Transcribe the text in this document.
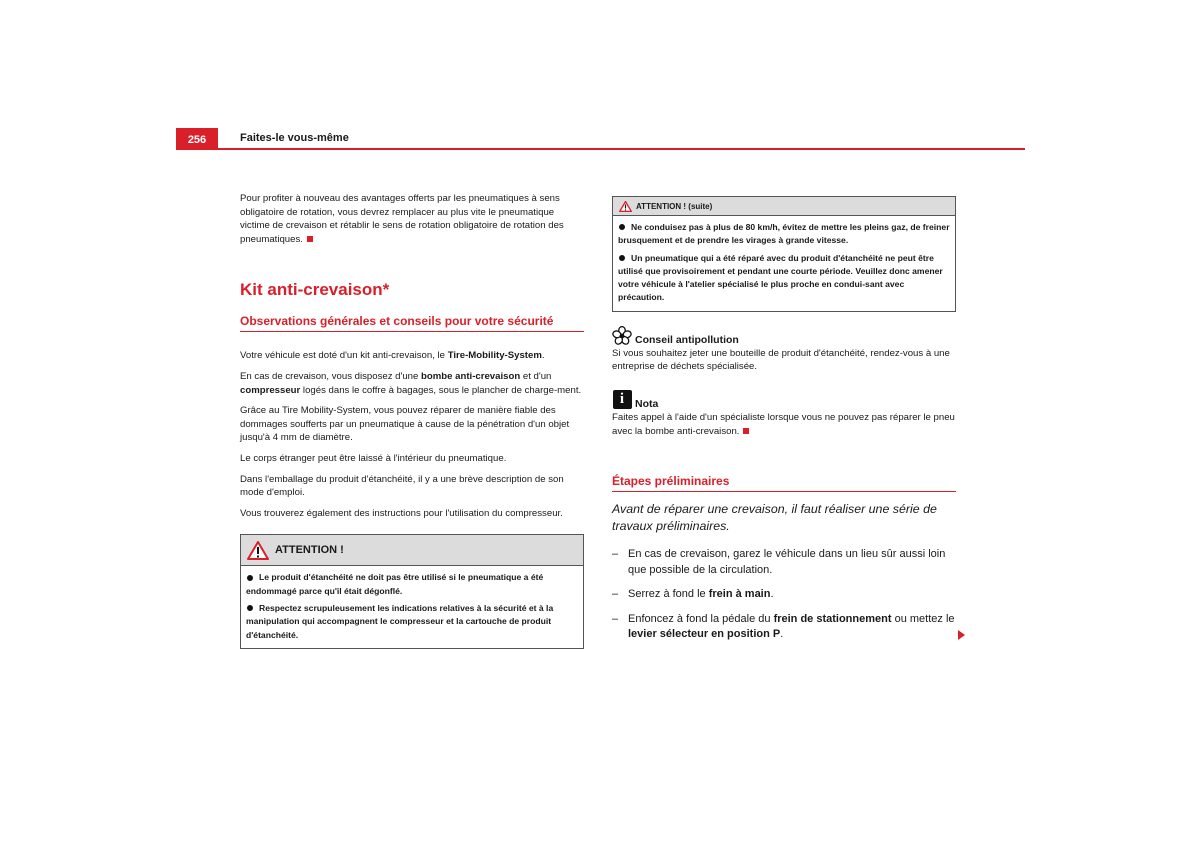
256	Faites-le vous-même

Pour profiter à nouveau des avantages offerts par les pneumatiques à sens obligatoire de rotation, vous devrez remplacer au plus vite le pneumatique victime de crevaison et rétablir le sens de rotation obligatoire de rotation des pneumatiques.

Kit anti-crevaison*
Observations générales et conseils pour votre sécurité

Votre véhicule est doté d'un kit anti-crevaison, le Tire-Mobility-System.

En cas de crevaison, vous disposez d'une bombe anti-crevaison et d'un compresseur logés dans le coffre à bagages, sous le plancher de charge-ment.

Grâce au Tire Mobility-System, vous pouvez réparer de manière fiable des dommages soufferts par un pneumatique à cause de la pénétration d'un objet jusqu'à 4 mm de diamètre.

Le corps étranger peut être laissé à l'intérieur du pneumatique.

Dans l'emballage du produit d'étanchéité, il y a une brève description de son mode d'emploi.

Vous trouverez également des instructions pour l'utilisation du compresseur.

ATTENTION !

Le produit d'étanchéité ne doit pas être utilisé si le pneumatique a été endommagé parce qu'il était dégonflé.

Respectez scrupuleusement les indications relatives à la sécurité et à la manipulation qui accompagnent le compresseur et la cartouche de produit d'étanchéité.

ATTENTION ! (suite)

Ne conduisez pas à plus de 80 km/h, évitez de mettre les pleins gaz, de freiner brusquement et de prendre les virages à grande vitesse.

Un pneumatique qui a été réparé avec du produit d'étanchéité ne peut être utilisé que provisoirement et pendant une courte période. Veuillez donc amener votre véhicule à l'atelier spécialisé le plus proche en condui-sant avec précaution.

Conseil antipollution

Si vous souhaitez jeter une bouteille de produit d'étanchéité, rendez-vous à une entreprise de déchets spécialisée.

i	Nota

Faites appel à l'aide d'un spécialiste lorsque vous ne pouvez pas réparer le pneu avec la bombe anti-crevaison.

Étapes préliminaires
Avant de réparer une crevaison, il faut réaliser une série de travaux préliminaires.
– En cas de crevaison, garez le véhicule dans un lieu sûr aussi loin que possible de la circulation.
– Serrez à fond le frein à main.
– Enfoncez à fond la pédale du frein de stationnement ou mettez le levier sélecteur en position P.
